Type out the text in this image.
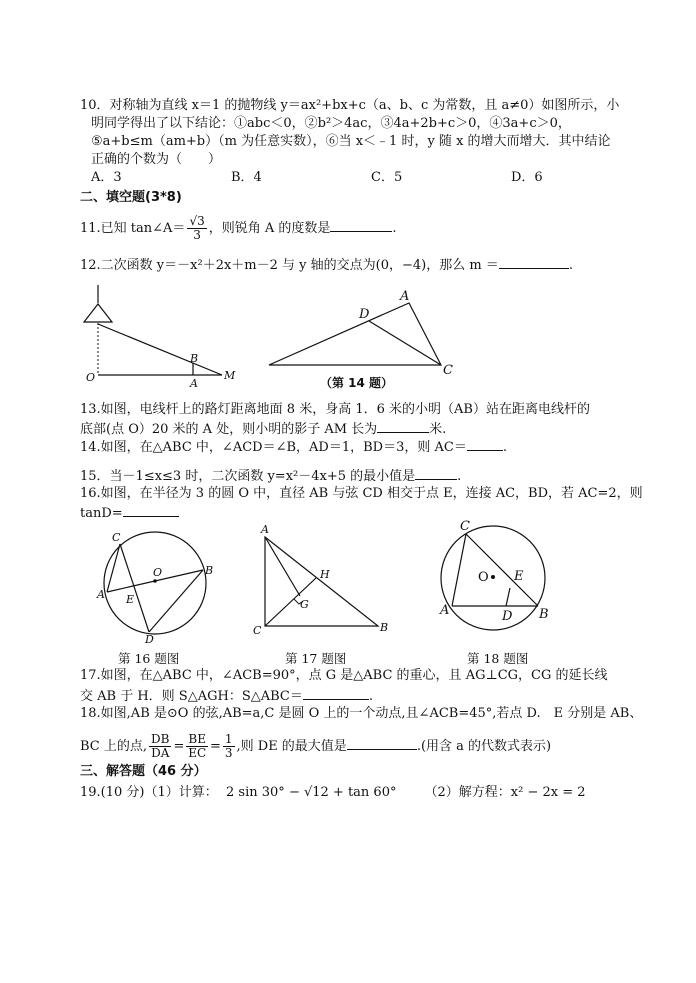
10．对称轴为直线 x＝1 的抛物线 y＝ax²+bx+c（a、b、c 为常数，且 a≠0）如图所示，小
明同学得出了以下结论：①abc＜0，②b²＞4ac，③4a+2b+c＞0，④3a+c＞0，
⑤a+b≤m（am+b）（m 为任意实数），⑥当 x＜﹣1 时，y 随 x 的增大而增大．其中结论
正确的个数为（　　）
A．3	B．4	C．5	D．6
二、填空题(3*8)
11.已知 tan∠A＝ $\frac{√3}{3}$ ，则锐角 A 的度数是	.
12.二次函数 y＝－x²＋2x＋m－2 与 y 轴的交点为(0，−4)，那么 m ＝	.
O
B
A
M
D
A
C
C
O	B
A E
D
A
H
G
C	B
C
O E
A	D B
（第 14 题）
13.如图，电线杆上的路灯距离地面 8 米，身高 1．6 米的小明（AB）站在距离电线杆的
底部(点 O）20 米的 A 处，则小明的影子 AM 长为	米.
14.如图，在△ABC 中，∠ACD＝∠B，AD＝1，BD＝3，则 AC＝	.
15．当－1≤x≤3 时，二次函数 y=x²－4x+5 的最小值是	.
16.如图，在半径为 3 的圆 O 中，直径 AB 与弦 CD 相交于点 E，连接 AC，BD，若 AC=2，则
tanD=
第 16 题图	第 17 题图	第 18 题图
17.如图，在△ABC 中，∠ACB=90°，点 G 是△ABC 的重心，且 AG⊥CG，CG 的延长线
交 AB 于 H．则 S△AGH：S△ABC＝	.
18.如图,AB 是⊙O 的弦,AB=a,C 是圆 O 上的一个动点,且∠ACB=45°,若点 D.　E 分别是 AB、
BC 上的点, $\frac{DB}{DA} = \frac{BE}{EC} = \frac{1}{3}$ ,则 DE 的最大值是	.(用含 a 的代数式表示)
三、解答题（46 分）
19.(10 分)（1）计算： 2 sin 30° − √12 + tan 60° （2）解方程：x² − 2x = 2
